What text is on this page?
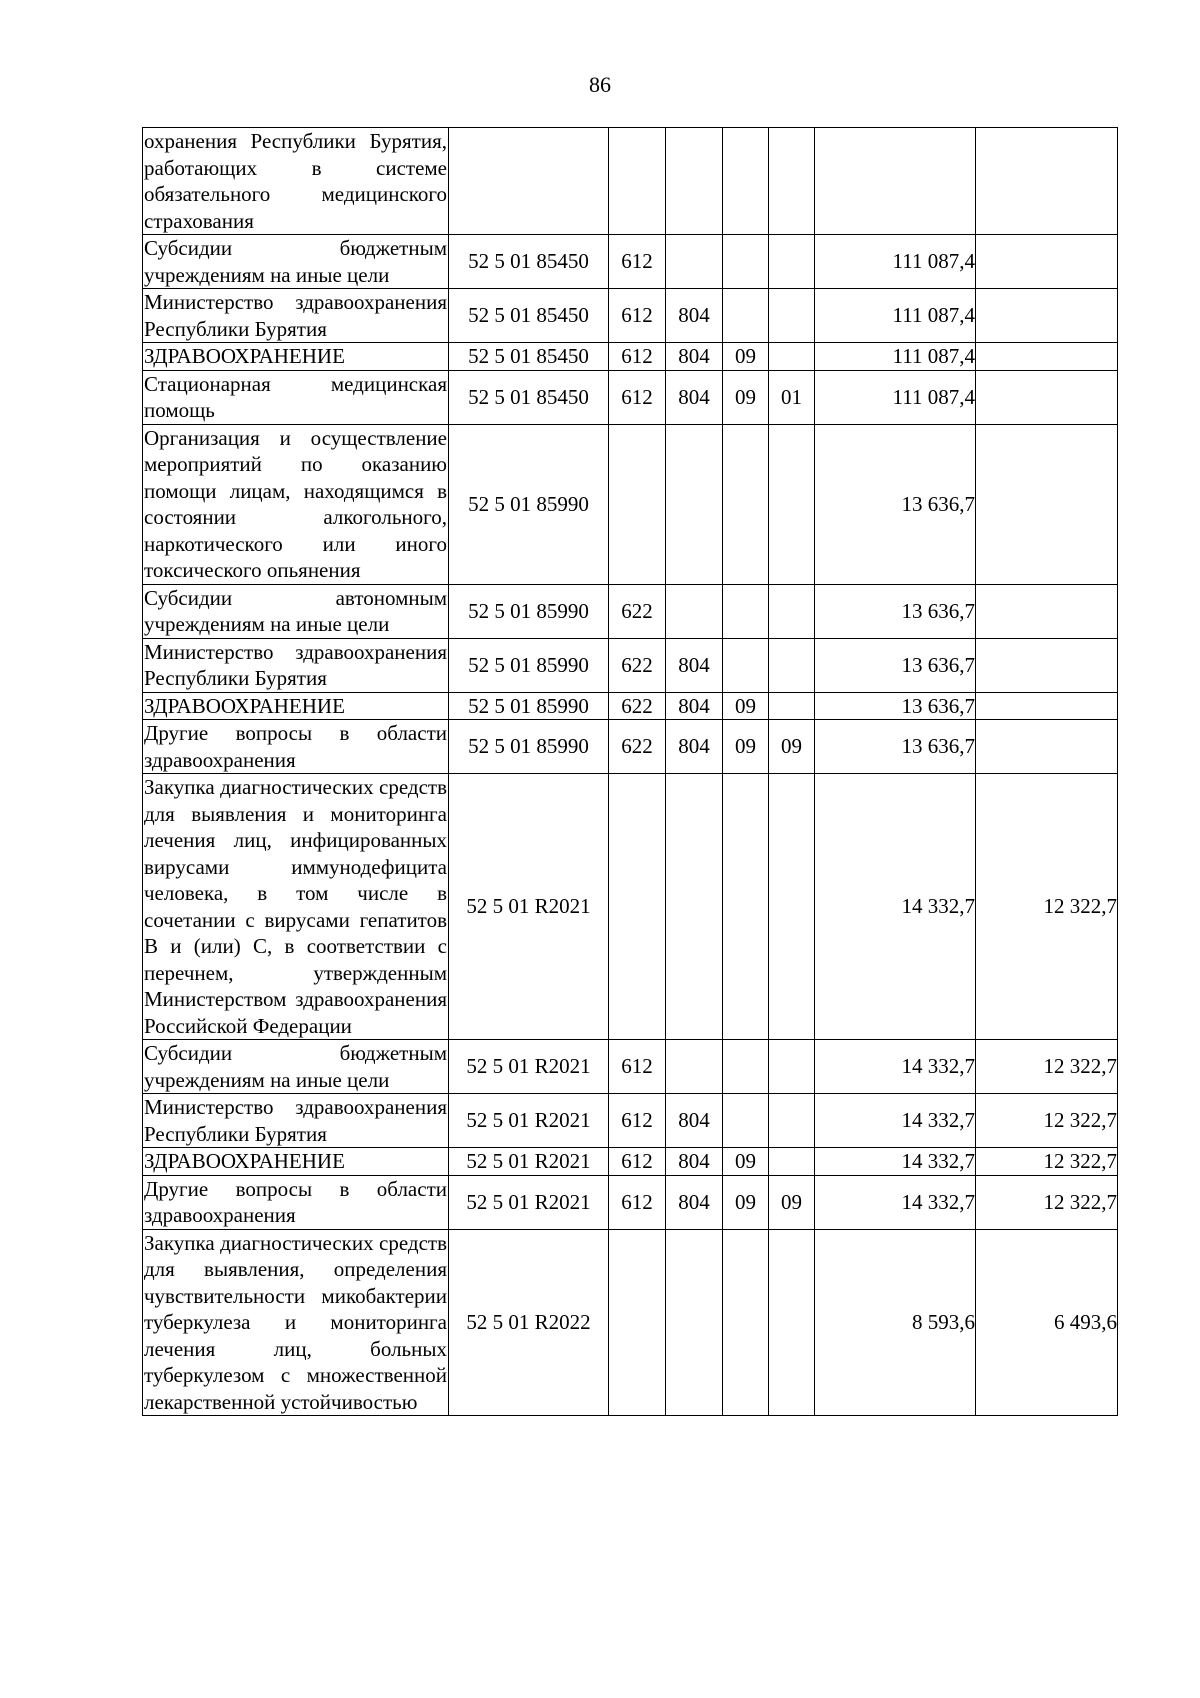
86
охранения Республики Бурятия, работающих в системе обязательного медицинского страхования							
Субсидии бюджетным учреждениям на иные цели	52 5 01 85450	612				111 087,4	
Министерство здравоохранения Республики Бурятия	52 5 01 85450	612	804			111 087,4	
ЗДРАВООХРАНЕНИЕ	52 5 01 85450	612	804	09		111 087,4	
Стационарная медицинская помощь	52 5 01 85450	612	804	09	01	111 087,4	
Организация и осуществление мероприятий по оказанию помощи лицам, находящимся в состоянии алкогольного, наркотического или иного токсического опьянения	52 5 01 85990					13 636,7	
Субсидии автономным учреждениям на иные цели	52 5 01 85990	622				13 636,7	
Министерство здравоохранения Республики Бурятия	52 5 01 85990	622	804			13 636,7	
ЗДРАВООХРАНЕНИЕ	52 5 01 85990	622	804	09		13 636,7	
Другие вопросы в области здравоохранения	52 5 01 85990	622	804	09	09	13 636,7	
Закупка диагностических средств для выявления и мониторинга лечения лиц, инфицированных вирусами иммунодефицита человека, в том числе в сочетании с вирусами гепатитов B и (или) C, в соответствии с перечнем, утвержденным Министерством здравоохранения Российской Федерации	52 5 01 R2021					14 332,7	12 322,7
Субсидии бюджетным учреждениям на иные цели	52 5 01 R2021	612				14 332,7	12 322,7
Министерство здравоохранения Республики Бурятия	52 5 01 R2021	612	804			14 332,7	12 322,7
ЗДРАВООХРАНЕНИЕ	52 5 01 R2021	612	804	09		14 332,7	12 322,7
Другие вопросы в области здравоохранения	52 5 01 R2021	612	804	09	09	14 332,7	12 322,7
Закупка диагностических средств для выявления, определения чувствительности микобактерии туберкулеза и мониторинга лечения лиц, больных туберкулезом с множественной лекарственной устойчивостью	52 5 01 R2022					8 593,6	6 493,6
